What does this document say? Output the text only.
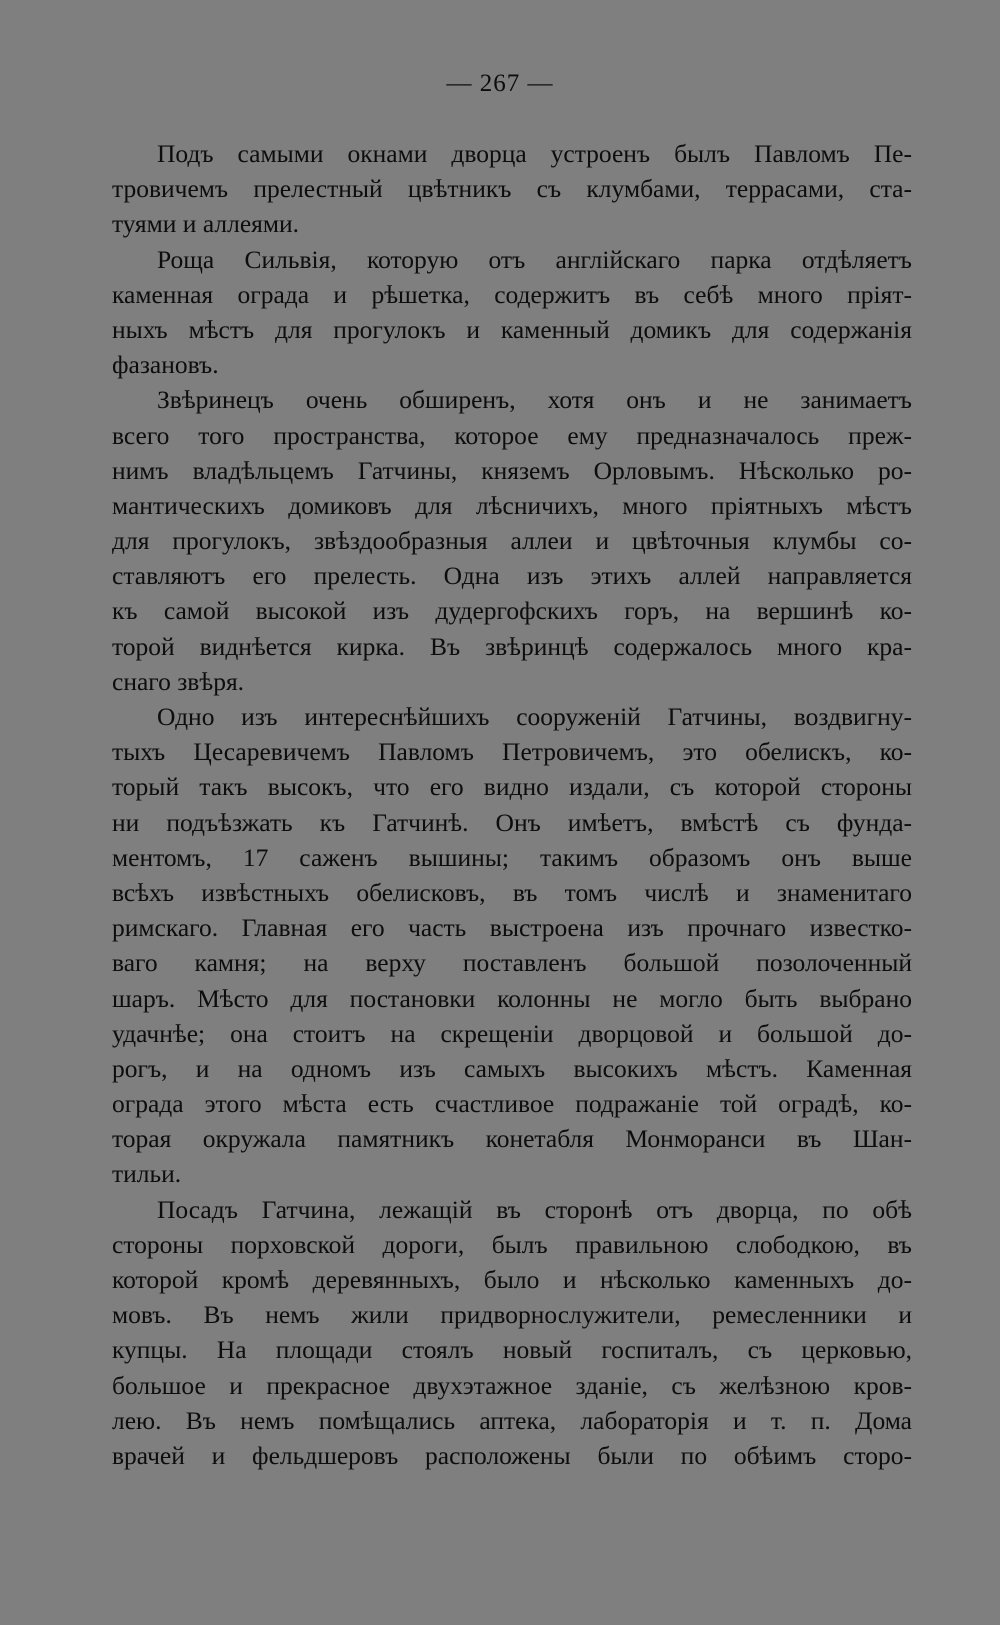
— 267 —
Подъ самыми окнами дворца устроенъ былъ Павломъ Пе-
тровичемъ прелестный цвѣтникъ съ клумбами, террасами, ста-
туями и аллеями.
Роща Сильвія, которую отъ англійскаго парка отдѣляетъ
каменная ограда и рѣшетка, содержитъ въ себѣ много пріят-
ныхъ мѣстъ для прогулокъ и каменный домикъ для содержанія
фазановъ.
Звѣринецъ очень обширенъ, хотя онъ и не занимаетъ
всего того пространства, которое ему предназначалось преж-
нимъ владѣльцемъ Гатчины, княземъ Орловымъ. Нѣсколько ро-
мантическихъ домиковъ для лѣсничихъ, много пріятныхъ мѣстъ
для прогулокъ, звѣздообразныя аллеи и цвѣточныя клумбы со-
ставляютъ его прелесть. Одна изъ этихъ аллей направляется
къ самой высокой изъ дудергофскихъ горъ, на вершинѣ ко-
торой виднѣется кирка. Въ звѣринцѣ содержалось много кра-
снаго звѣря.
Одно изъ интереснѣйшихъ сооруженій Гатчины, воздвигну-
тыхъ Цесаревичемъ Павломъ Петровичемъ, это обелискъ, ко-
торый такъ высокъ, что его видно издали, съ которой стороны
ни подъѣзжать къ Гатчинѣ. Онъ имѣетъ, вмѣстѣ съ фунда-
ментомъ, 17 саженъ вышины; такимъ образомъ онъ выше
всѣхъ извѣстныхъ обелисковъ, въ томъ числѣ и знаменитаго
римскаго. Главная его часть выстроена изъ прочнаго известко-
ваго камня; на верху поставленъ большой позолоченный
шаръ. Мѣсто для постановки колонны не могло быть выбрано
удачнѣе; она стоитъ на скрещеніи дворцовой и большой до-
рогъ, и на одномъ изъ самыхъ высокихъ мѣстъ. Каменная
ограда этого мѣста есть счастливое подражаніе той оградѣ, ко-
торая окружала памятникъ конетабля Монморанси въ Шан-
тильи.
Посадъ Гатчина, лежащій въ сторонѣ отъ дворца, по обѣ
стороны порховской дороги, былъ правильною слободкою, въ
которой кромѣ деревянныхъ, было и нѣсколько каменныхъ до-
мовъ. Въ немъ жили придворнослужители, ремесленники и
купцы. На площади стоялъ новый госпиталъ, съ церковью,
большое и прекрасное двухэтажное зданіе, съ желѣзною кров-
лею. Въ немъ помѣщались аптека, лабораторія и т. п. Дома
врачей и фельдшеровъ расположены были по обѣимъ сторо-
